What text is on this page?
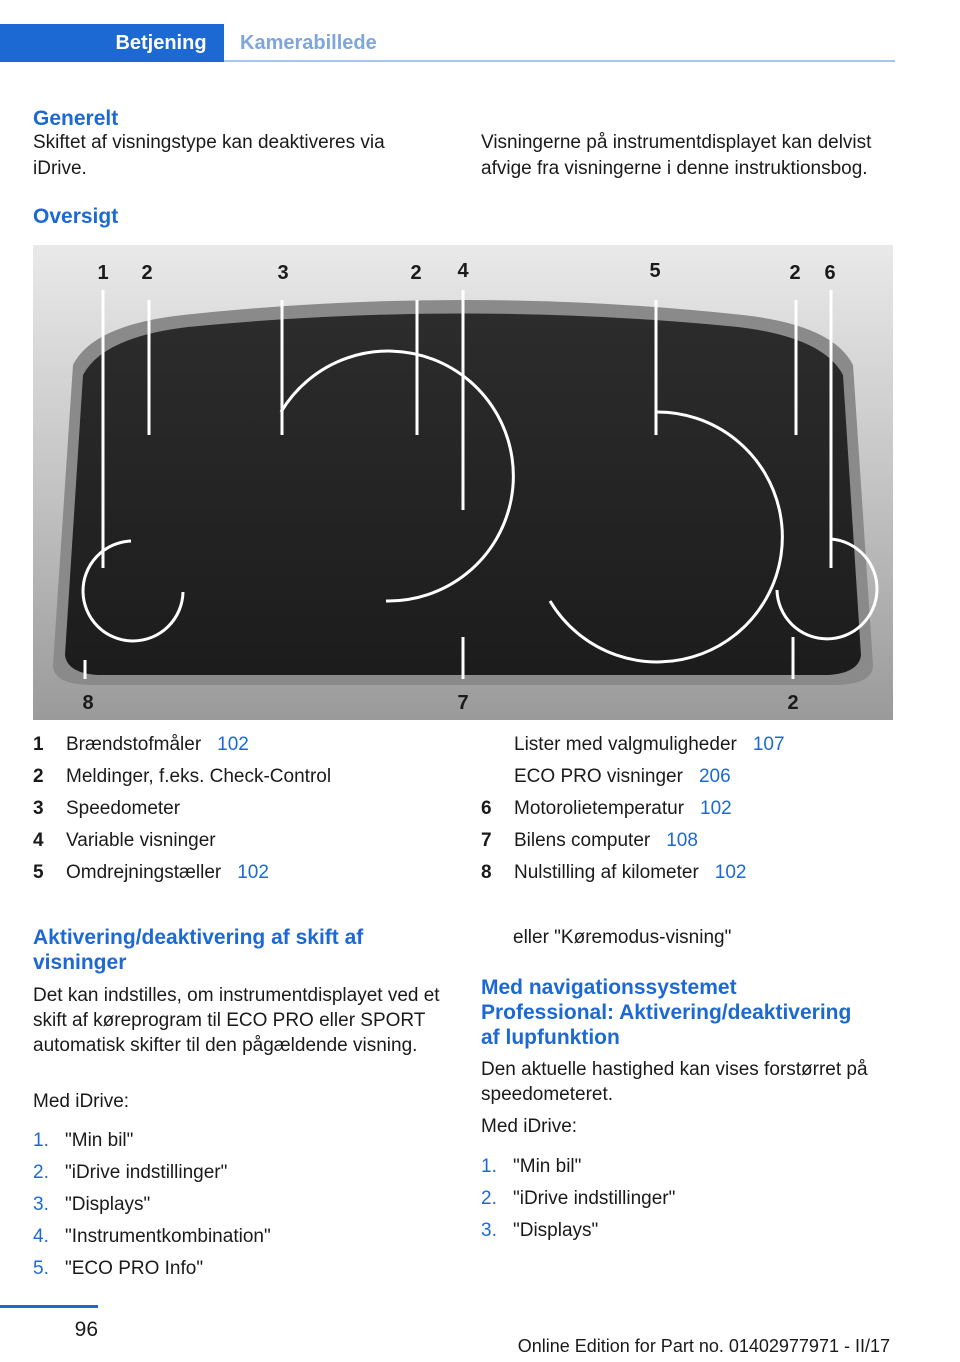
Betjening	Kamerabillede
Generelt
Skiftet af visningstype kan deaktiveres via iDrive.
Visningerne på instrumentdisplayet kan delvist afvige fra visningerne i denne instruktionsbog.
Oversigt
1 2	3	2 4	5	2 6
8	7	2
1	Brændstofmåler 102
2	Meldinger, f.eks. Check-Control
3	Speedometer
4	Variable visninger
5	Omdrejningstæller 102
Lister med valgmuligheder 107
ECO PRO visninger 206
6	Motorolietemperatur 102
7	Bilens computer 108
8	Nulstilling af kilometer 102
Aktivering/deaktivering af skift af
visninger
Det kan indstilles, om instrumentdisplayet ved et skift af køreprogram til ECO PRO eller SPORT automatisk skifter til den pågældende visning.
Med iDrive:
1. "Min bil"
2. "iDrive indstillinger"
3. "Displays"
4. "Instrumentkombination"
5. "ECO PRO Info"
eller "Køremodus-visning"
Med navigationssystemet
Professional: Aktivering/deaktivering
af lupfunktion
Den aktuelle hastighed kan vises forstørret på speedometeret.
Med iDrive:
1. "Min bil"
2. "iDrive indstillinger"
3. "Displays"
96
Online Edition for Part no. 01402977971 - II/17
